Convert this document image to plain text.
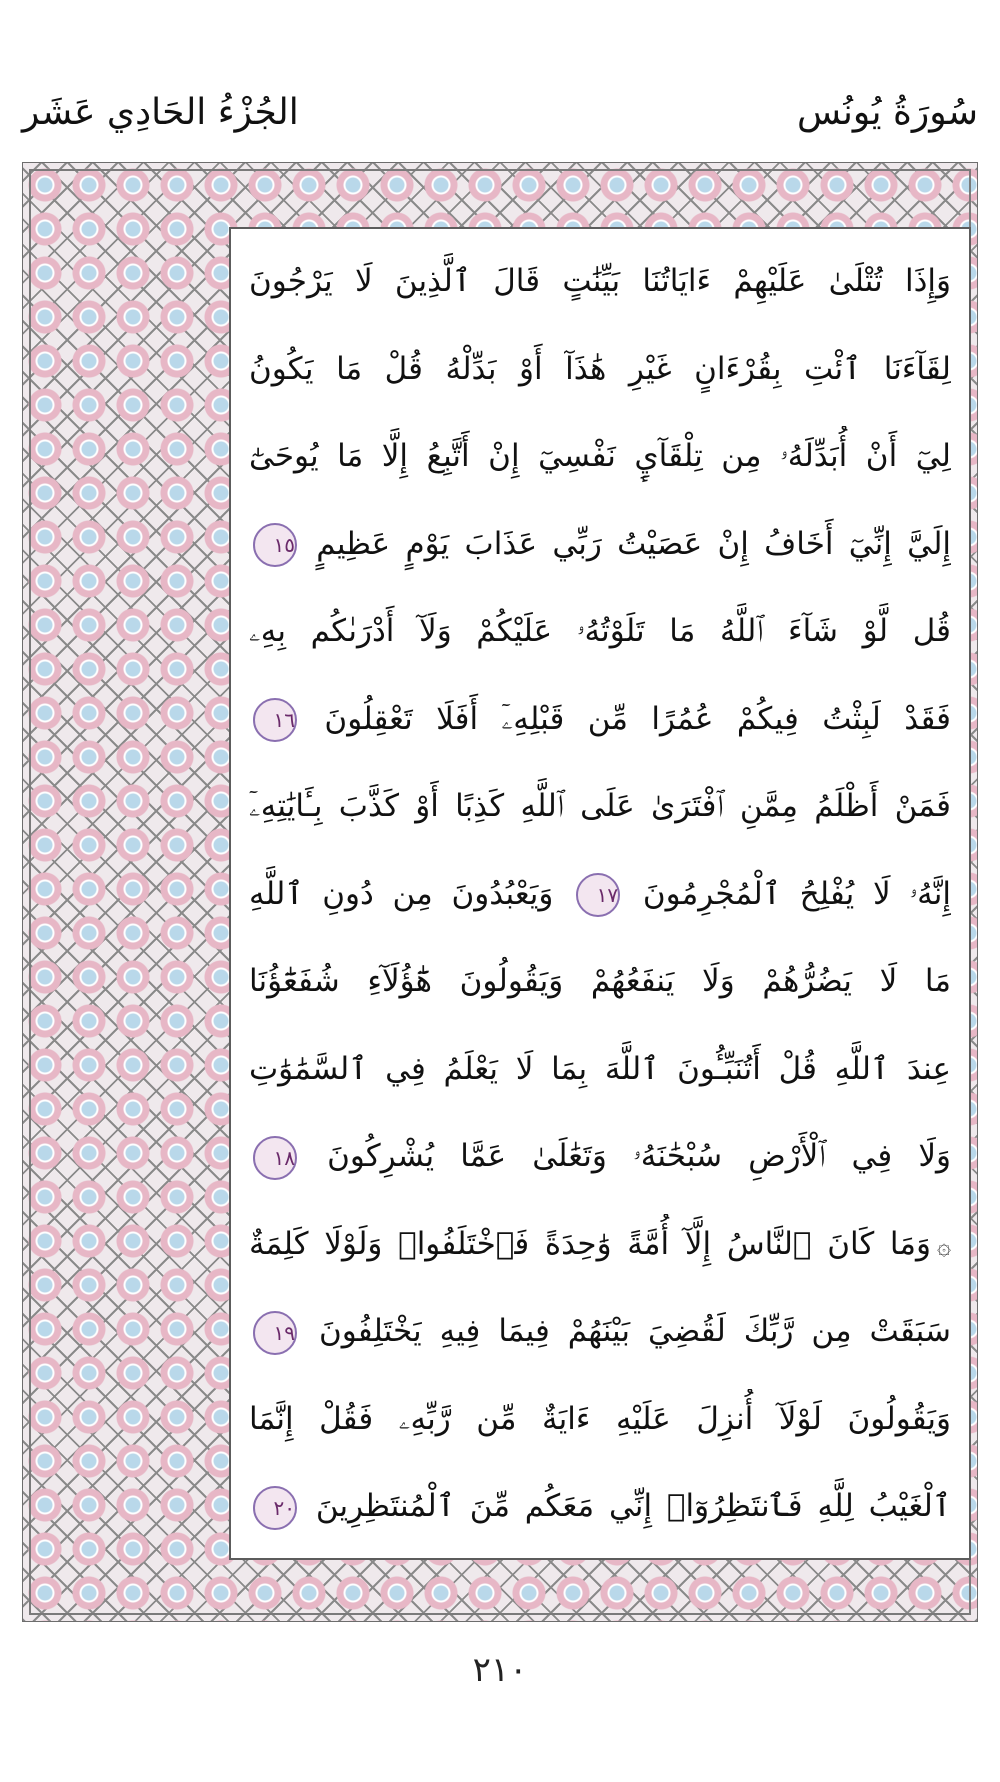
سُورَةُ يُونُس
الجُزْءُ الحَادِي عَشَر
وَإِذَا تُتْلَىٰ عَلَيْهِمْ ءَايَاتُنَا بَيِّنَٰتٍ قَالَ ٱلَّذِينَ لَا يَرْجُونَ
لِقَآءَنَا ٱئْتِ بِقُرْءَانٍ غَيْرِ هَٰذَآ أَوْ بَدِّلْهُ قُلْ مَا يَكُونُ
لِيٓ أَنْ أُبَدِّلَهُۥ مِن تِلْقَآيِٕ نَفْسِيٓ إِنْ أَتَّبِعُ إِلَّا مَا يُوحَىٰٓ
إِلَيَّ إِنِّيٓ أَخَافُ إِنْ عَصَيْتُ رَبِّي عَذَابَ يَوْمٍ عَظِيمٍ ١٥
قُل لَّوْ شَآءَ ٱللَّهُ مَا تَلَوْتُهُۥ عَلَيْكُمْ وَلَآ أَدْرَىٰكُم بِهِۦ
فَقَدْ لَبِثْتُ فِيكُمْ عُمُرًا مِّن قَبْلِهِۦٓ أَفَلَا تَعْقِلُونَ ١٦
فَمَنْ أَظْلَمُ مِمَّنِ ٱفْتَرَىٰ عَلَى ٱللَّهِ كَذِبًا أَوْ كَذَّبَ بِـَٔايَٰتِهِۦٓ
إِنَّهُۥ لَا يُفْلِحُ ٱلْمُجْرِمُونَ ١٧ وَيَعْبُدُونَ مِن دُونِ ٱللَّهِ
مَا لَا يَضُرُّهُمْ وَلَا يَنفَعُهُمْ وَيَقُولُونَ هَٰٓؤُلَآءِ شُفَعَٰٓؤُنَا
عِندَ ٱللَّهِ قُلْ أَتُنَبِّـُٔونَ ٱللَّهَ بِمَا لَا يَعْلَمُ فِي ٱلسَّمَٰوَٰتِ
وَلَا فِي ٱلْأَرْضِ سُبْحَٰنَهُۥ وَتَعَٰلَىٰ عَمَّا يُشْرِكُونَ ١٨
۞وَمَا كَانَ ٱلنَّاسُ إِلَّآ أُمَّةً وَٰحِدَةً فَٱخْتَلَفُوا۟ وَلَوْلَا كَلِمَةٌ
سَبَقَتْ مِن رَّبِّكَ لَقُضِيَ بَيْنَهُمْ فِيمَا فِيهِ يَخْتَلِفُونَ ١٩
وَيَقُولُونَ لَوْلَآ أُنزِلَ عَلَيْهِ ءَايَةٌ مِّن رَّبِّهِۦ فَقُلْ إِنَّمَا
ٱلْغَيْبُ لِلَّهِ فَٱنتَظِرُوٓا۟ إِنِّي مَعَكُم مِّنَ ٱلْمُنتَظِرِينَ ٢٠
٢١٠
